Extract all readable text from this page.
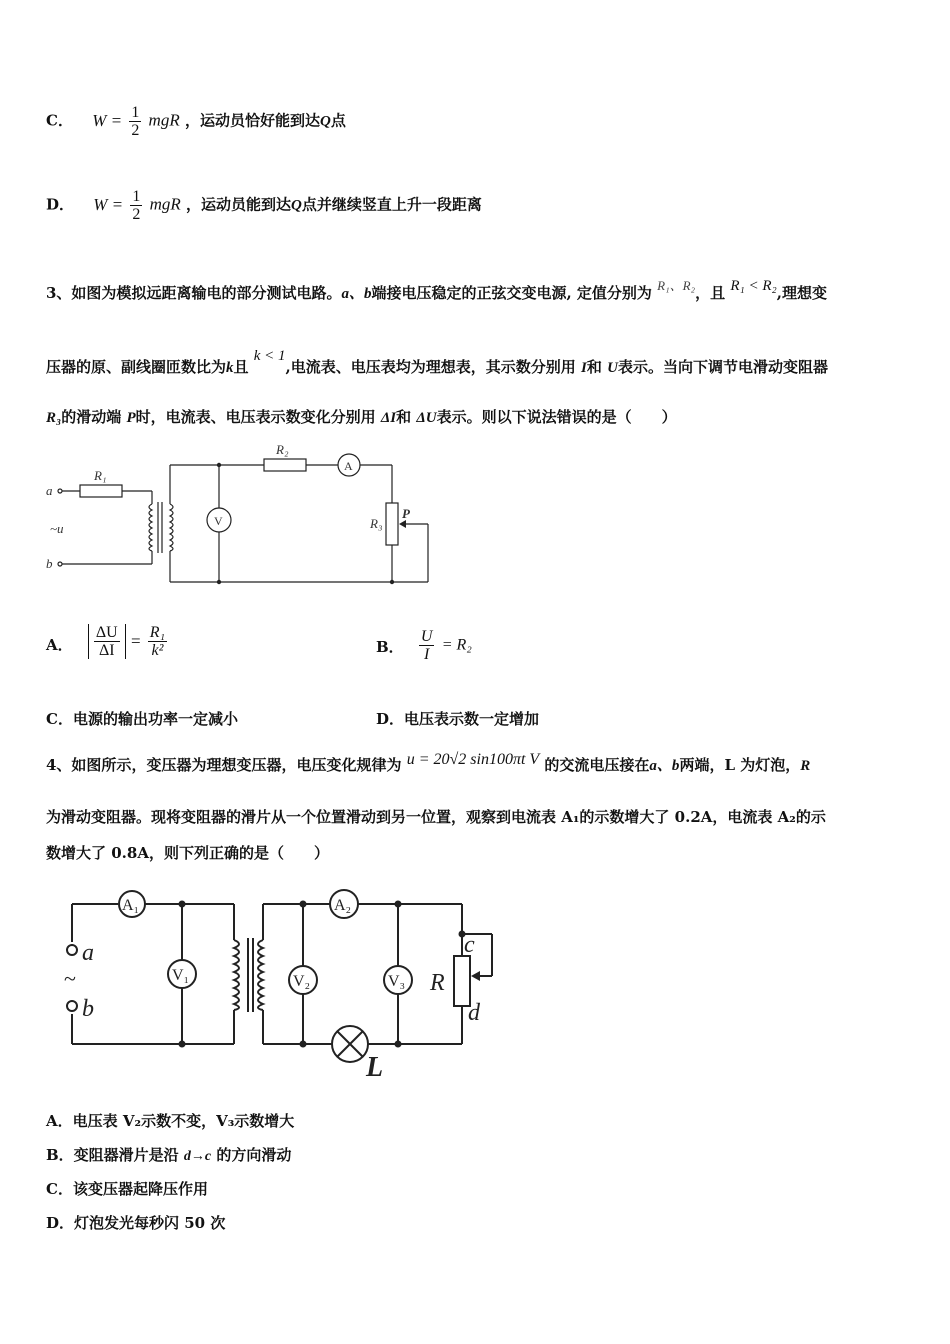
C． $W = \frac{1}{2}$ mgR ，运动员恰好能到达Q点
D． $W = \frac{1}{2}$ mgR ，运动员能到达Q点并继续竖直上升一段距离
3、如图为模拟远距离输电的部分测试电路。a、b端接电压稳定的正弦交变电源, 定值分别为 R₁、R₂，且 R₁ < R₂,理想变
压器的原、副线圈匝数比为k且 k < 1,电流表、电压表均为理想表，其示数分别用 I和 U表示。当向下调节电滑动变阻器
R₃的滑动端 P时，电流表、电压表示数变化分别用 ΔI和 ΔU表示。则以下说法错误的是（　　）
a
b
~u
R₁
R₂
R₃
P
A
V
A． $\frac{\Delta U}{\Delta I} = \frac{\text{R₁}}{\text{k²}}$	B． $\frac{U}{I} = R_2$
C．电源的输出功率一定减小	D．电压表示数一定增加
4、如图所示，变压器为理想变压器，电压变化规律为 u = 20√2 sin100πt V 的交流电压接在a、b两端，L 为灯泡，R
为滑动变阻器。现将变阻器的滑片从一个位置滑动到另一位置，观察到电流表 A₁的示数增大了 0.2A，电流表 A₂的示
数增大了 0.8A，则下列正确的是（　　）
A₁	A₂
V₁	V₂	V₃
a
~
b
R
c
d
L
A．电压表 V₂示数不变，V₃示数增大
B．变阻器滑片是沿 d→c 的方向滑动
C．该变压器起降压作用
D．灯泡发光每秒闪 50 次
